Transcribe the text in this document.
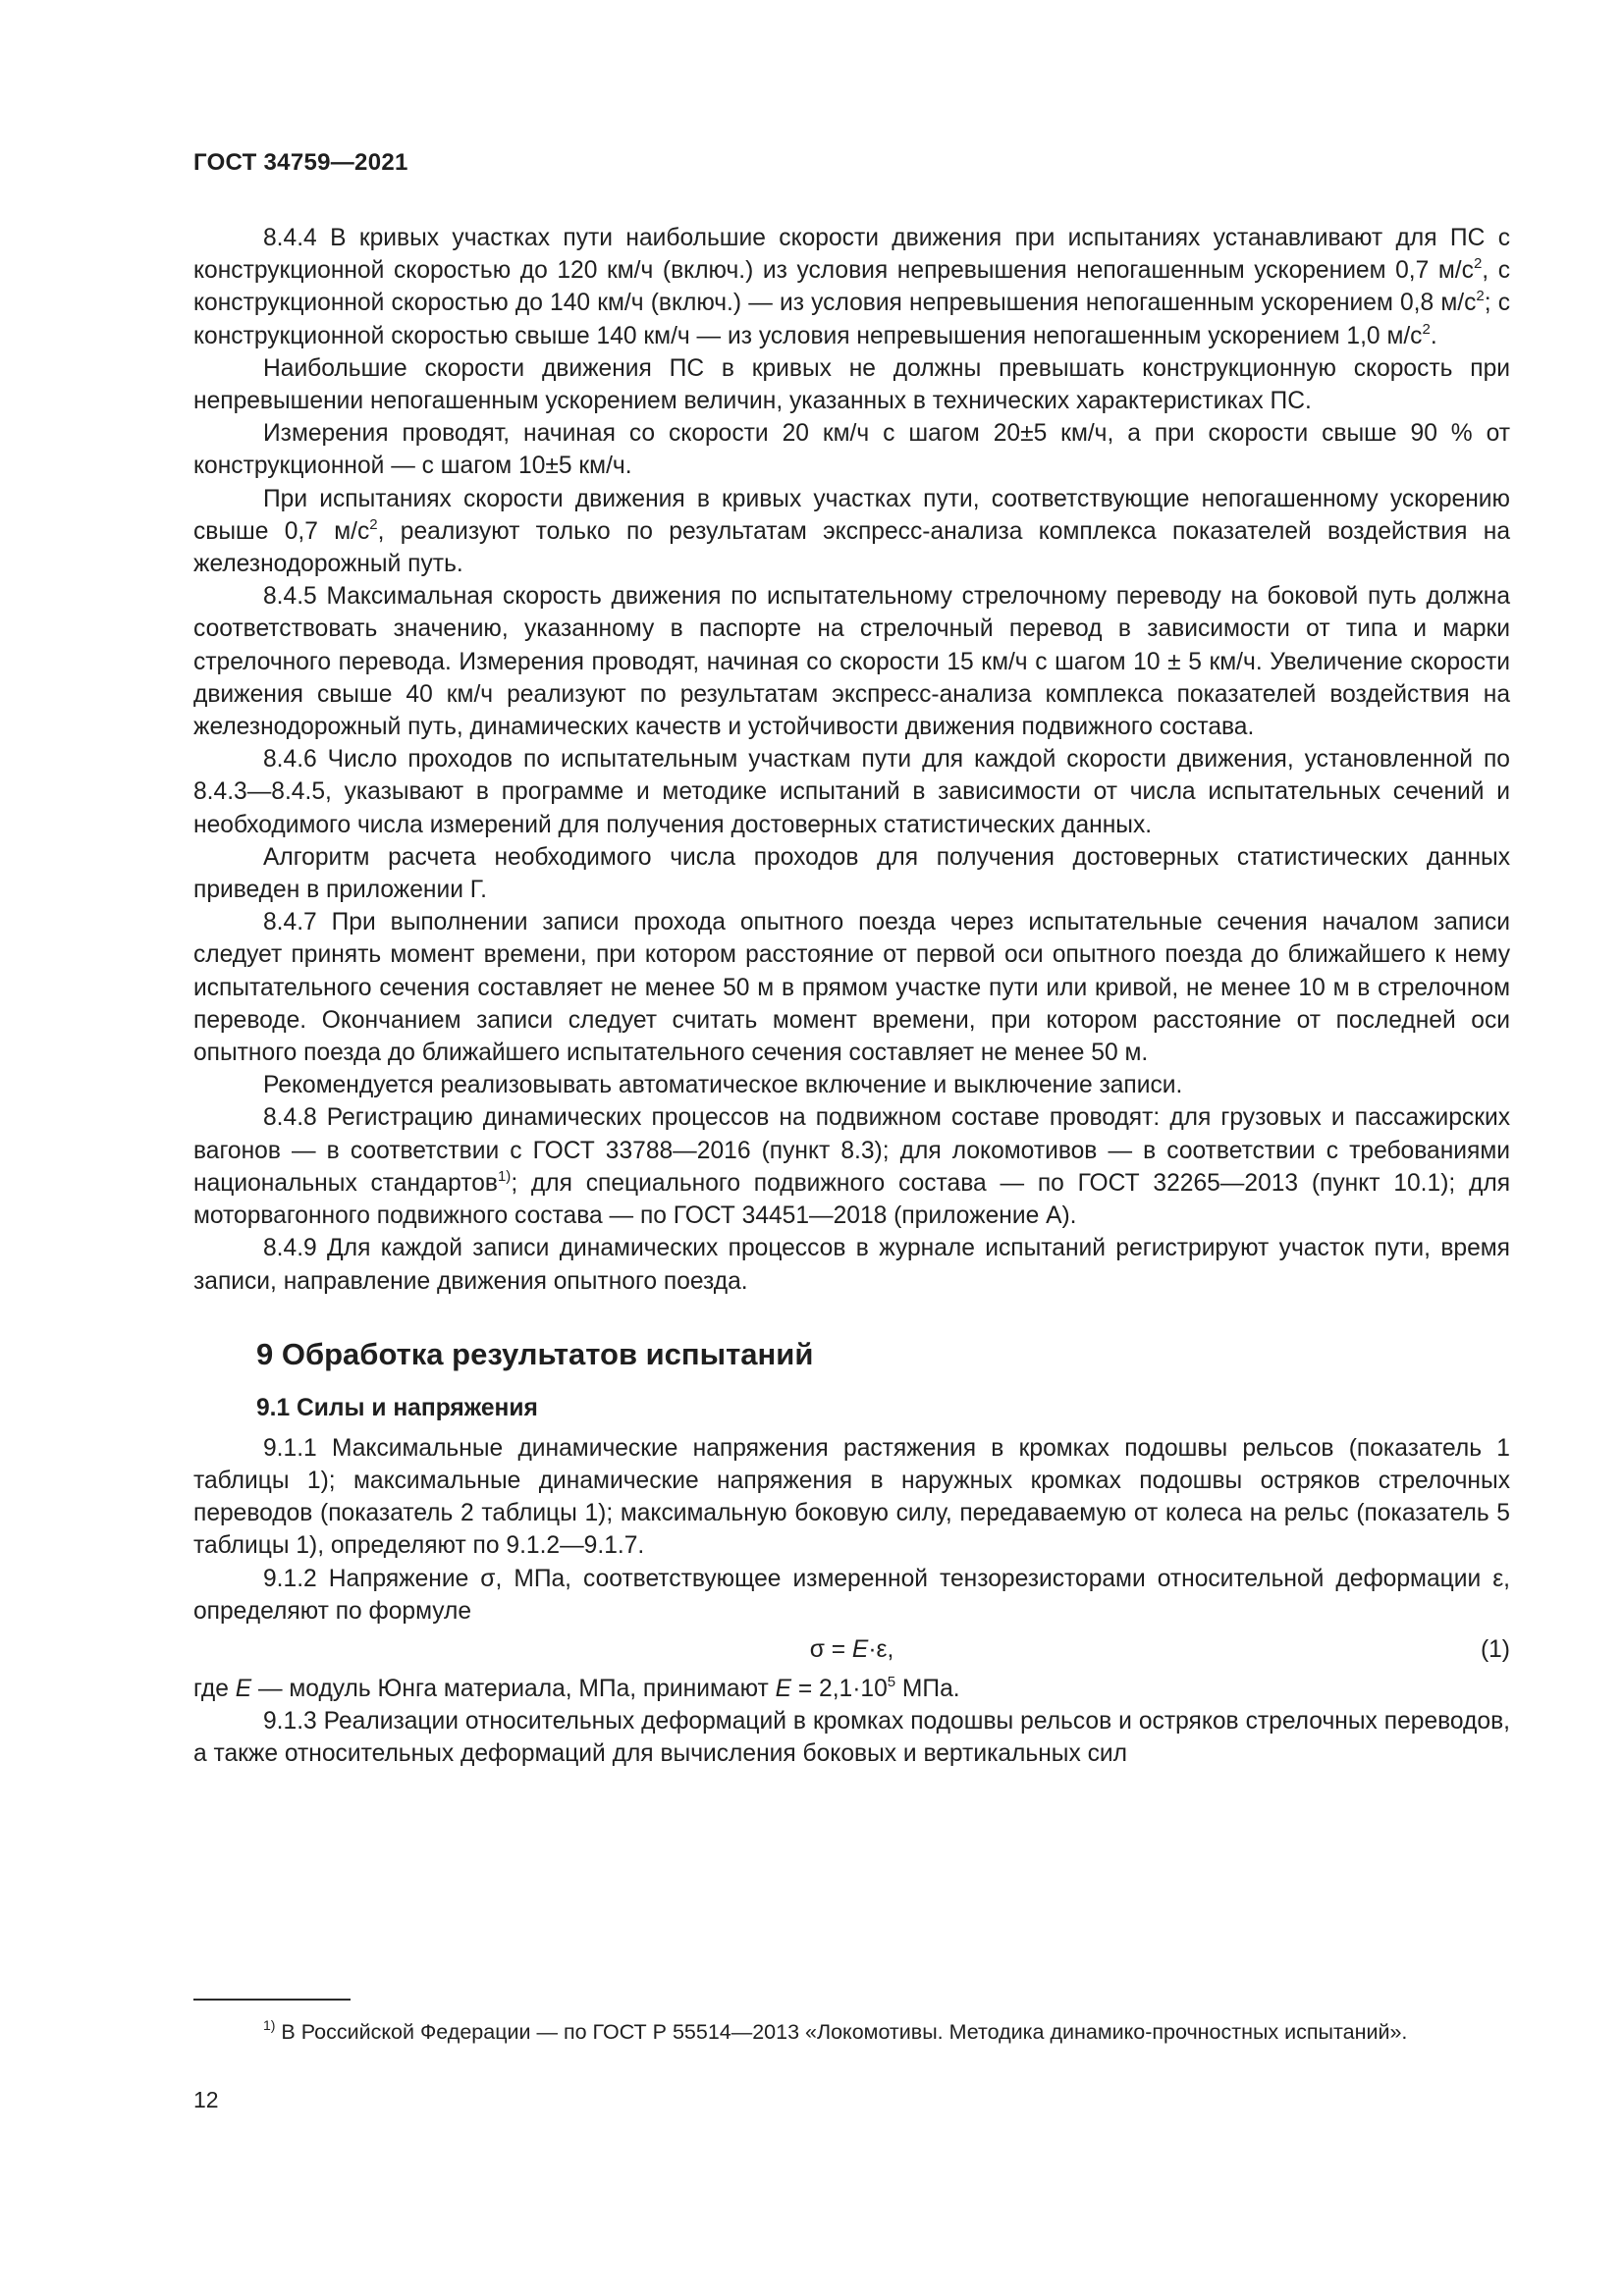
ГОСТ 34759—2021

8.4.4 В кривых участках пути наибольшие скорости движения при испытаниях устанавливают для ПС с конструкционной скоростью до 120 км/ч (включ.) из условия непревышения непогашенным ускорением 0,7 $м/с^2$, с конструкционной скоростью до 140 км/ч (включ.) — из условия непревышения непогашенным ускорением 0,8 $м/с^2$; с конструкционной скоростью свыше 140 км/ч — из условия непревышения непогашенным ускорением 1,0 $м/с^2$.

Наибольшие скорости движения ПС в кривых не должны превышать конструкционную скорость при непревышении непогашенным ускорением величин, указанных в технических характеристиках ПС.

Измерения проводят, начиная со скорости 20 км/ч с шагом 20±5 км/ч, а при скорости свыше 90 % от конструкционной — с шагом 10±5 км/ч.

При испытаниях скорости движения в кривых участках пути, соответствующие непогашенному ускорению свыше 0,7 $м/с^2$, реализуют только по результатам экспресс-анализа комплекса показателей воздействия на железнодорожный путь.

8.4.5 Максимальная скорость движения по испытательному стрелочному переводу на боковой путь должна соответствовать значению, указанному в паспорте на стрелочный перевод в зависимости от типа и марки стрелочного перевода. Измерения проводят, начиная со скорости 15 км/ч с шагом 10 ± 5 км/ч. Увеличение скорости движения свыше 40 км/ч реализуют по результатам экспресс-анализа комплекса показателей воздействия на железнодорожный путь, динамических качеств и устойчивости движения подвижного состава.

8.4.6 Число проходов по испытательным участкам пути для каждой скорости движения, установленной по 8.4.3—8.4.5, указывают в программе и методике испытаний в зависимости от числа испытательных сечений и необходимого числа измерений для получения достоверных статистических данных.

Алгоритм расчета необходимого числа проходов для получения достоверных статистических данных приведен в приложении Г.

8.4.7 При выполнении записи прохода опытного поезда через испытательные сечения началом записи следует принять момент времени, при котором расстояние от первой оси опытного поезда до ближайшего к нему испытательного сечения составляет не менее 50 м в прямом участке пути или кривой, не менее 10 м в стрелочном переводе. Окончанием записи следует считать момент времени, при котором расстояние от последней оси опытного поезда до ближайшего испытательного сечения составляет не менее 50 м.

Рекомендуется реализовывать автоматическое включение и выключение записи.

8.4.8 Регистрацию динамических процессов на подвижном составе проводят: для грузовых и пассажирских вагонов — в соответствии с ГОСТ 33788—2016 (пункт 8.3); для локомотивов — в соответствии с требованиями национальных стандартов$^{1)}$; для специального подвижного состава — по ГОСТ 32265—2013 (пункт 10.1); для моторвагонного подвижного состава — по ГОСТ 34451—2018 (приложение А).

8.4.9 Для каждой записи динамических процессов в журнале испытаний регистрируют участок пути, время записи, направление движения опытного поезда.

9 Обработка результатов испытаний
9.1 Силы и напряжения

9.1.1 Максимальные динамические напряжения растяжения в кромках подошвы рельсов (показатель 1 таблицы 1); максимальные динамические напряжения в наружных кромках подошвы остряков стрелочных переводов (показатель 2 таблицы 1); максимальную боковую силу, передаваемую от колеса на рельс (показатель 5 таблицы 1), определяют по 9.1.2—9.1.7.

9.1.2 Напряжение σ, МПа, соответствующее измеренной тензорезисторами относительной деформации ε, определяют по формуле

σ = E·ε,	(1)

где E — модуль Юнга материала, МПа, принимают $E = 2,1\cdot 10^5$ МПа.

9.1.3 Реализации относительных деформаций в кромках подошвы рельсов и остряков стрелочных переводов, а также относительных деформаций для вычисления боковых и вертикальных сил

$^{1)}$ В Российской Федерации — по ГОСТ Р 55514—2013 «Локомотивы. Методика динамико-прочностных испытаний».
12
